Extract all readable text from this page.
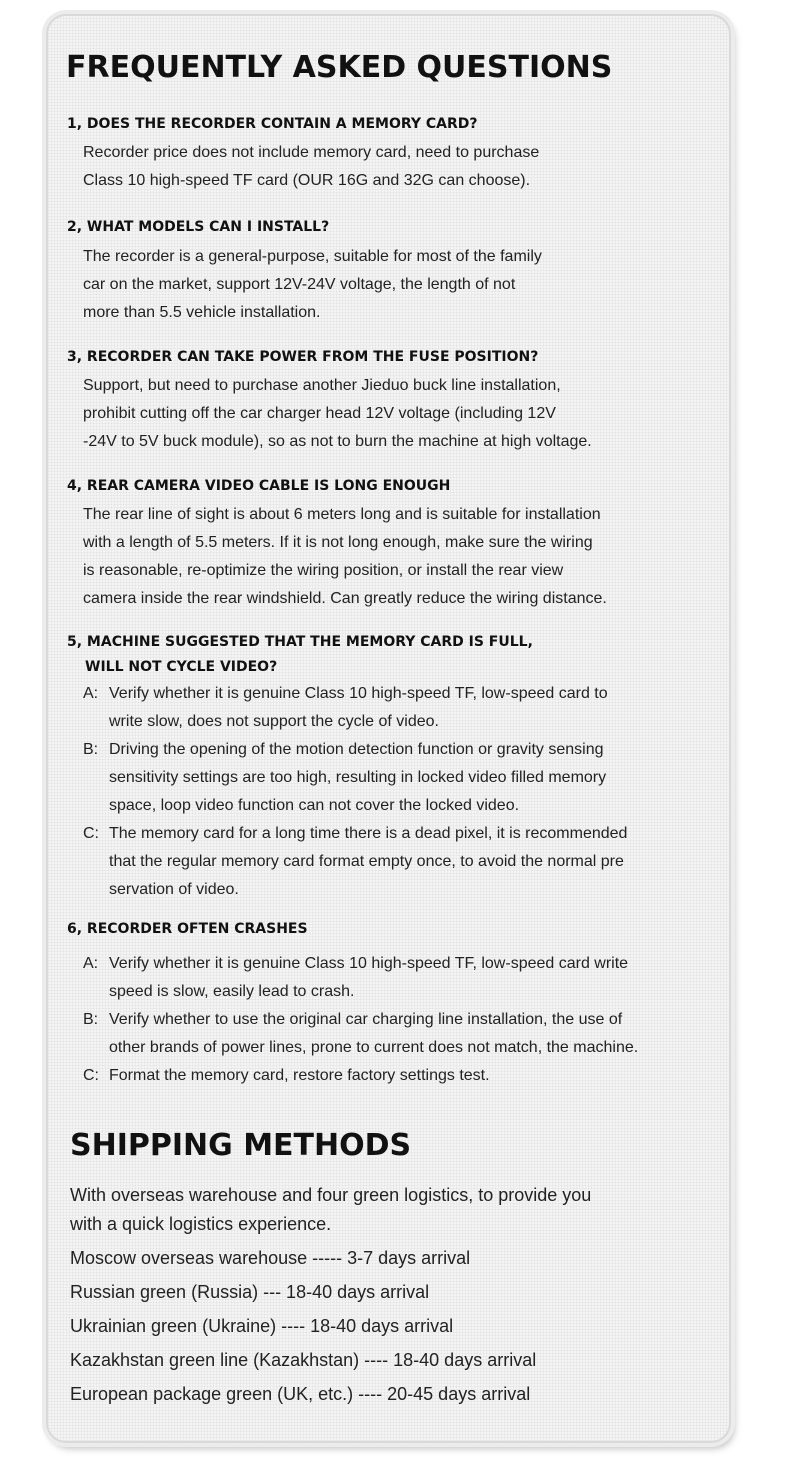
FREQUENTLY ASKED QUESTIONS
1, DOES THE RECORDER CONTAIN A MEMORY CARD?
Recorder price does not include memory card, need to purchase
Class 10 high-speed TF card (OUR 16G and 32G can choose).
2, WHAT MODELS CAN I INSTALL?
The recorder is a general-purpose, suitable for most of the family
car on the market, support 12V-24V voltage, the length of not
more than 5.5 vehicle installation.
3, RECORDER CAN TAKE POWER FROM THE FUSE POSITION?
Support, but need to purchase another Jieduo buck line installation,
prohibit cutting off the car charger head 12V voltage (including 12V
-24V to 5V buck module), so as not to burn the machine at high voltage.
4, REAR CAMERA VIDEO CABLE IS LONG ENOUGH
The rear line of sight is about 6 meters long and is suitable for installation
with a length of 5.5 meters. If it is not long enough, make sure the wiring
is reasonable, re-optimize the wiring position, or install the rear view
camera inside the rear windshield. Can greatly reduce the wiring distance.
5, MACHINE SUGGESTED THAT THE MEMORY CARD IS FULL,
WILL NOT CYCLE VIDEO?
A: Verify whether it is genuine Class 10 high-speed TF, low-speed card to
write slow, does not support the cycle of video.
B: Driving the opening of the motion detection function or gravity sensing
sensitivity settings are too high, resulting in locked video filled memory
space, loop video function can not cover the locked video.
C: The memory card for a long time there is a dead pixel, it is recommended
that the regular memory card format empty once, to avoid the normal pre
servation of video.
6, RECORDER OFTEN CRASHES
A: Verify whether it is genuine Class 10 high-speed TF, low-speed card write
speed is slow, easily lead to crash.
B: Verify whether to use the original car charging line installation, the use of
other brands of power lines, prone to current does not match, the machine.
C: Format the memory card, restore factory settings test.
SHIPPING METHODS
With overseas warehouse and four green logistics, to provide you
with a quick logistics experience.
Moscow overseas warehouse ----- 3-7 days arrival
Russian green (Russia) --- 18-40 days arrival
Ukrainian green (Ukraine) ---- 18-40 days arrival
Kazakhstan green line (Kazakhstan) ---- 18-40 days arrival
European package green (UK, etc.) ---- 20-45 days arrival
